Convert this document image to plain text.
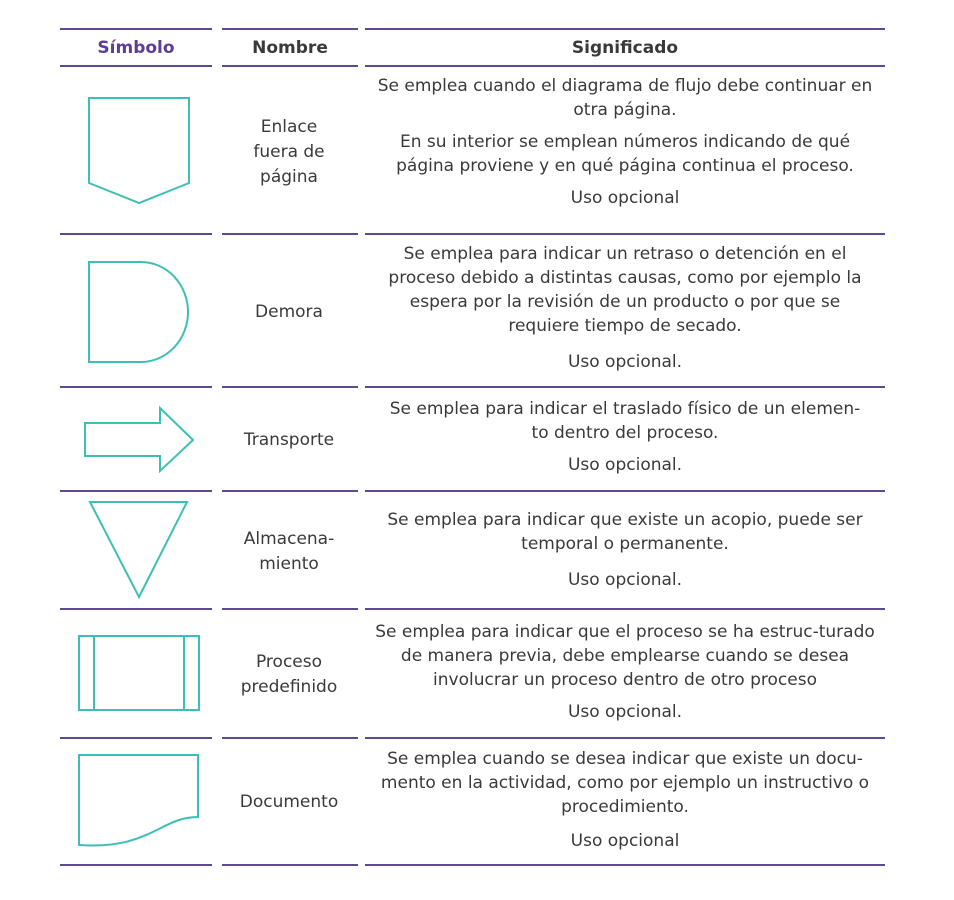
Símbolo	Nombre	Significado
Enlace
fuera de
página

Se emplea cuando el diagrama de flujo debe continuar en otra página.

En su interior se emplean números indicando de qué página proviene y en qué página continua el proceso.

Uso opcional

Demora

Se emplea para indicar un retraso o detención en el proceso debido a distintas causas, como por ejemplo la espera por la revisión de un producto o por que se requiere tiempo de secado.

Uso opcional.

Transporte

Se emplea para indicar el traslado físico de un elemen-to dentro del proceso.

Uso opcional.

Almacena-
miento

Se emplea para indicar que existe un acopio, puede ser temporal o permanente.

Uso opcional.

Proceso
predefinido

Se emplea para indicar que el proceso se ha estruc-turado de manera previa, debe emplearse cuando se desea involucrar un proceso dentro de otro proceso

Uso opcional.

Documento

Se emplea cuando se desea indicar que existe un docu-mento en la actividad, como por ejemplo un instructivo o procedimiento.

Uso opcional
